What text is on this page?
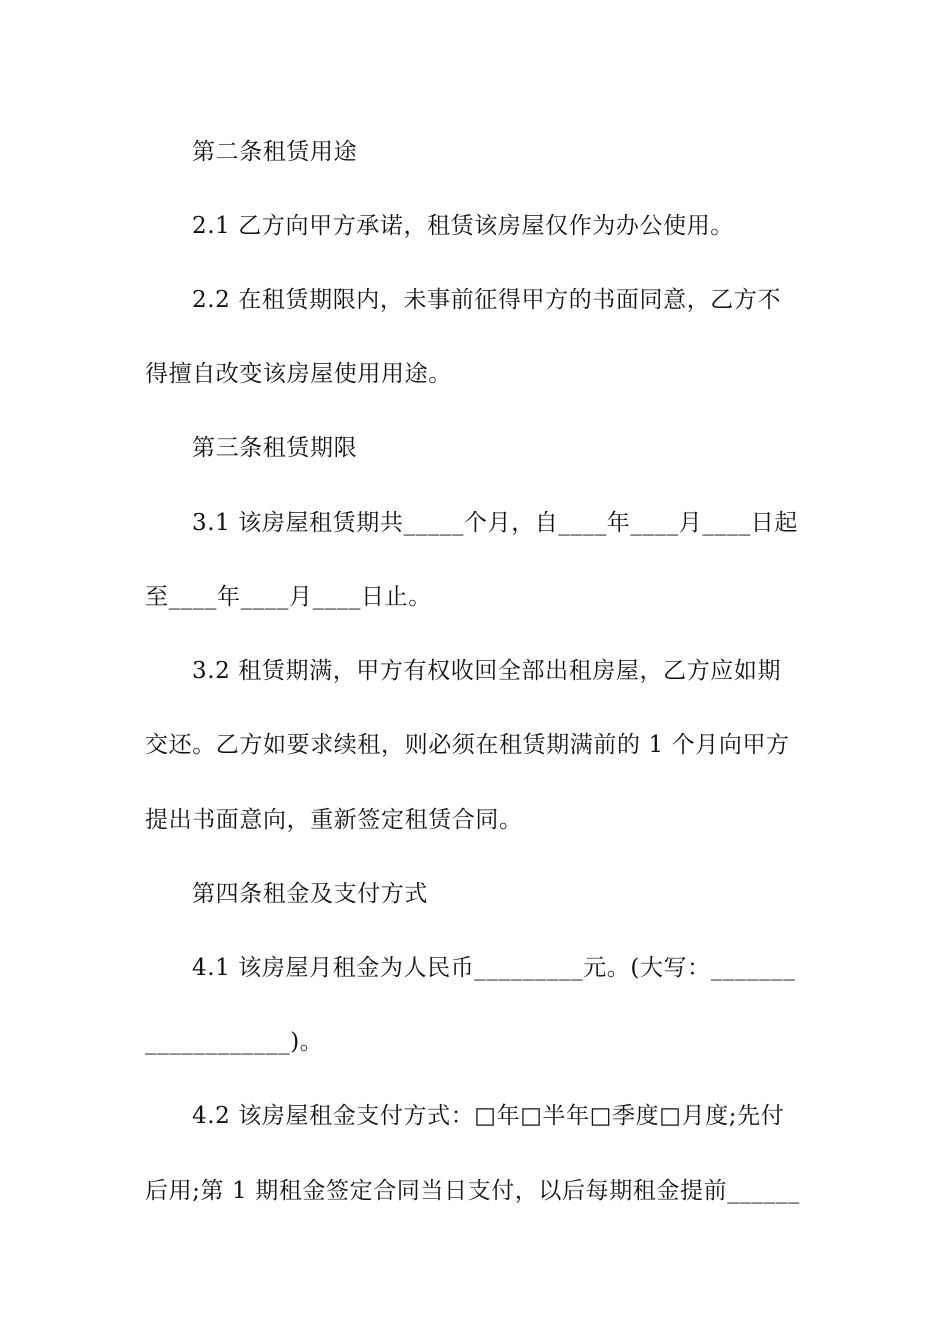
第二条租赁用途
2.1 乙方向甲方承诺，租赁该房屋仅作为办公使用。
2.2 在租赁期限内，未事前征得甲方的书面同意，乙方不
得擅自改变该房屋使用用途。
第三条租赁期限
3.1 该房屋租赁期共_____个月，自____年____月____日起
至____年____月____日止。
3.2 租赁期满，甲方有权收回全部出租房屋，乙方应如期
交还。乙方如要求续租，则必须在租赁期满前的 1 个月向甲方
提出书面意向，重新签定租赁合同。
第四条租金及支付方式
4.1 该房屋月租金为人民币_________元。(大写：_______
____________)。
4.2 该房屋租金支付方式：□年□半年□季度□月度;先付
后用;第 1 期租金签定合同当日支付，以后每期租金提前______
